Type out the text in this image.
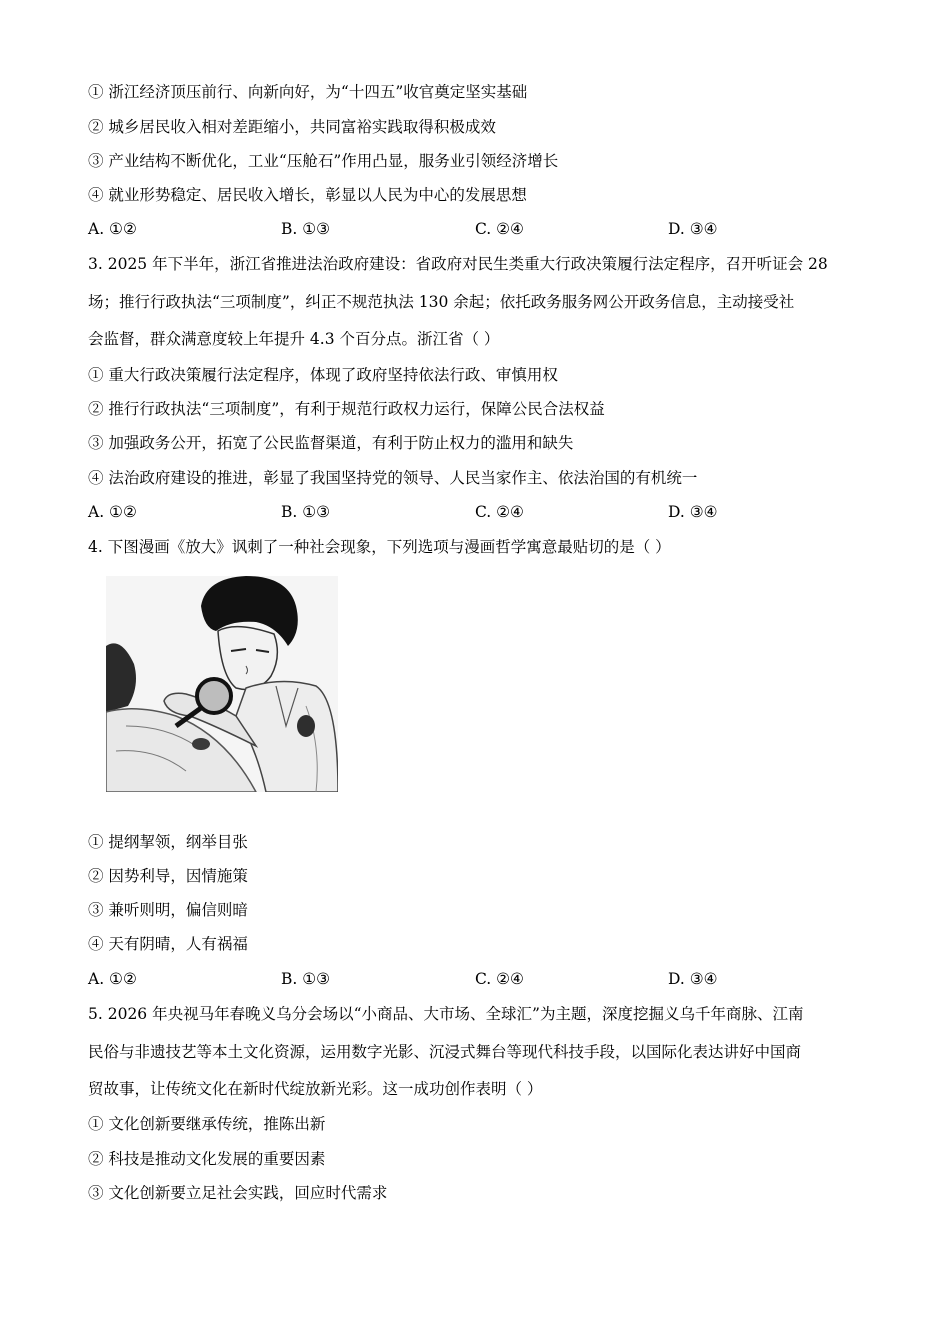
① 浙江经济顶压前行、向新向好，为“十四五”收官奠定坚实基础
② 城乡居民收入相对差距缩小，共同富裕实践取得积极成效
③ 产业结构不断优化，工业“压舱石”作用凸显，服务业引领经济增长
④ 就业形势稳定、居民收入增长，彰显以人民为中心的发展思想
A. ①②	B. ①③	C. ②④	D. ③④
3. 2025 年下半年，浙江省推进法治政府建设：省政府对民生类重大行政决策履行法定程序，召开听证会 28
场；推行行政执法“三项制度”，纠正不规范执法 130 余起；依托政务服务网公开政务信息，主动接受社
会监督，群众满意度较上年提升 4.3 个百分点。浙江省（ ）
① 重大行政决策履行法定程序，体现了政府坚持依法行政、审慎用权
② 推行行政执法“三项制度”，有利于规范行政权力运行，保障公民合法权益
③ 加强政务公开，拓宽了公民监督渠道，有利于防止权力的滥用和缺失
④ 法治政府建设的推进，彰显了我国坚持党的领导、人民当家作主、依法治国的有机统一
A. ①②	B. ①③	C. ②④	D. ③④
4. 下图漫画《放大》讽刺了一种社会现象，下列选项与漫画哲学寓意最贴切的是（ ）
① 提纲挈领，纲举目张
② 因势利导，因情施策
③ 兼听则明，偏信则暗
④ 天有阴晴，人有祸福
A. ①②	B. ①③	C. ②④	D. ③④
5. 2026 年央视马年春晚义乌分会场以“小商品、大市场、全球汇”为主题，深度挖掘义乌千年商脉、江南
民俗与非遗技艺等本土文化资源，运用数字光影、沉浸式舞台等现代科技手段，以国际化表达讲好中国商
贸故事，让传统文化在新时代绽放新光彩。这一成功创作表明（ ）
① 文化创新要继承传统，推陈出新
② 科技是推动文化发展的重要因素
③ 文化创新要立足社会实践，回应时代需求
